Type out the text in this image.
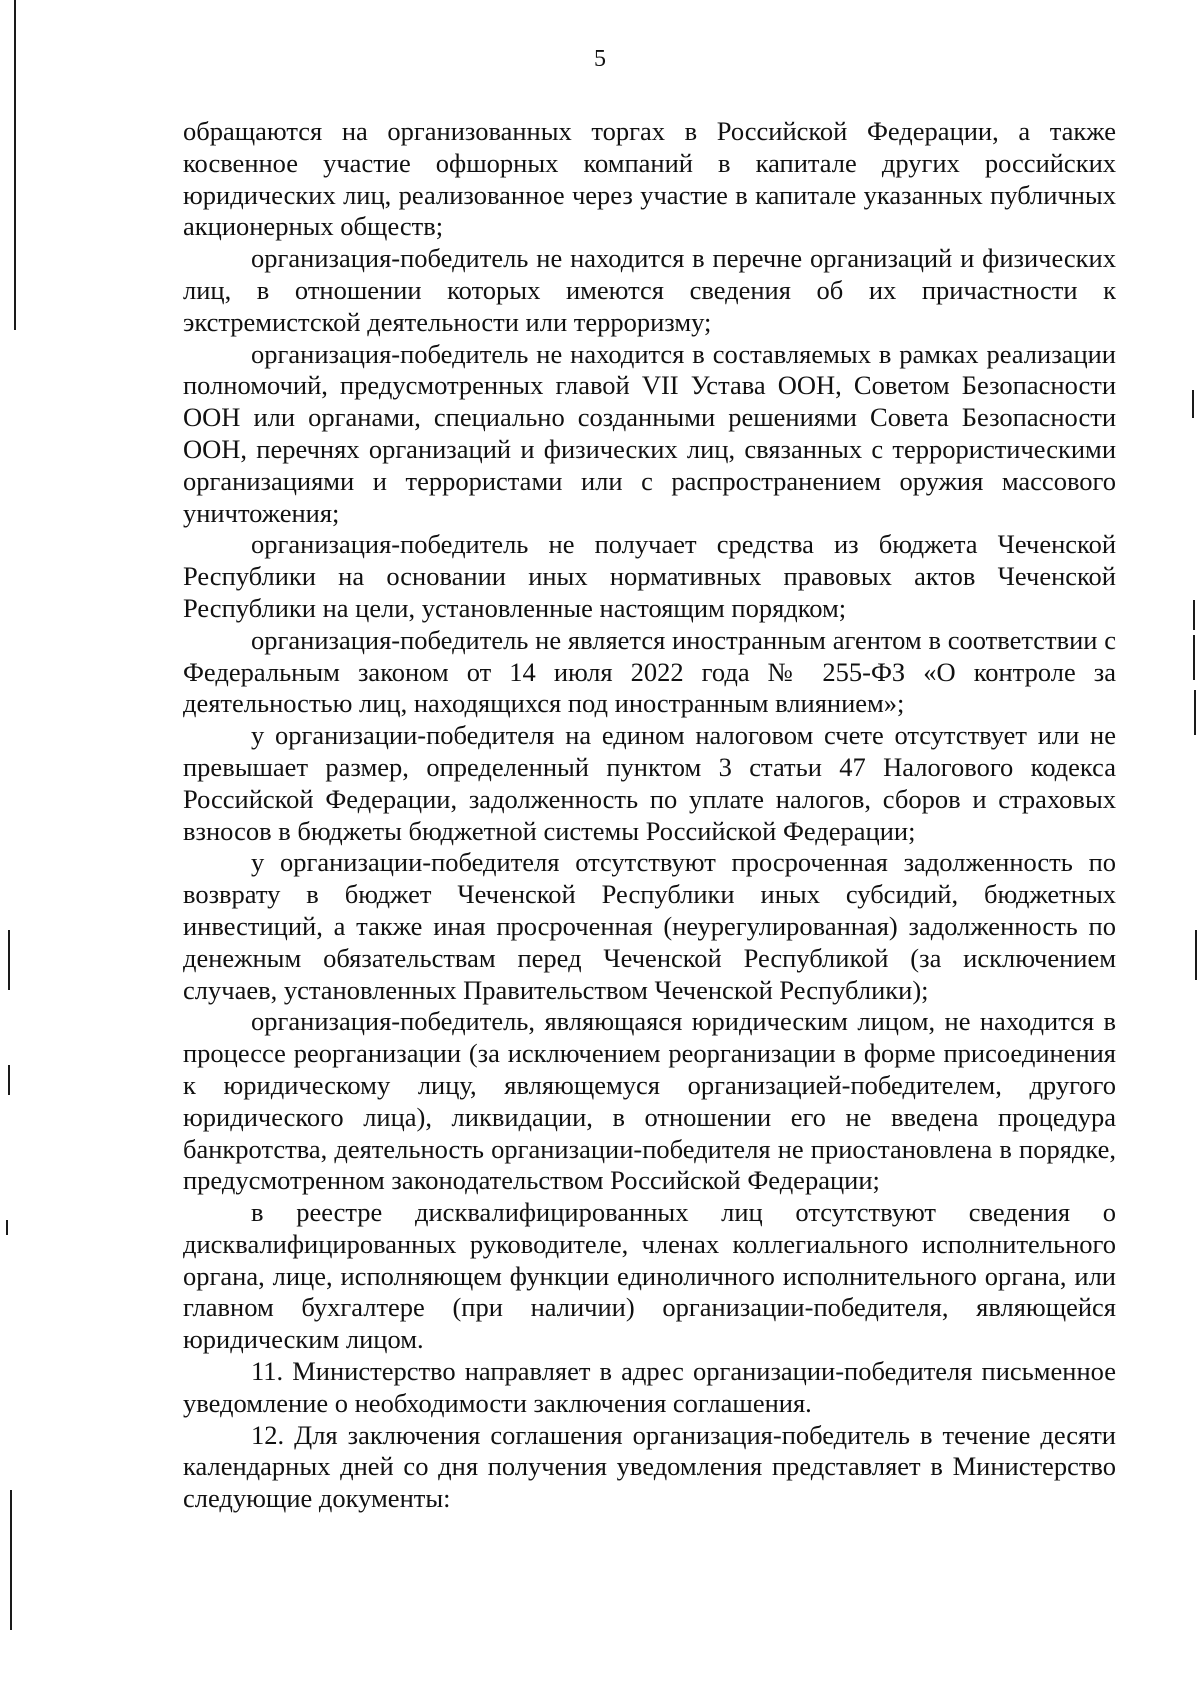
5

обращаются на организованных торгах в Российской Федерации, а также косвенное участие офшорных компаний в капитале других российских юридических лиц, реализованное через участие в капитале указанных публичных акционерных обществ;

организация-победитель не находится в перечне организаций и физических лиц, в отношении которых имеются сведения об их причастности к экстремистской деятельности или терроризму;

организация-победитель не находится в составляемых в рамках реализации полномочий, предусмотренных главой VII Устава ООН, Советом Безопасности ООН или органами, специально созданными решениями Совета Безопасности ООН, перечнях организаций и физических лиц, связанных с террористическими организациями и террористами или с распространением оружия массового уничтожения;

организация-победитель не получает средства из бюджета Чеченской Республики на основании иных нормативных правовых актов Чеченской Республики на цели, установленные настоящим порядком;

организация-победитель не является иностранным агентом в соответствии с Федеральным законом от 14 июля 2022 года № 255-ФЗ «О контроле за деятельностью лиц, находящихся под иностранным влиянием»;

у организации-победителя на едином налоговом счете отсутствует или не превышает размер, определенный пунктом 3 статьи 47 Налогового кодекса Российской Федерации, задолженность по уплате налогов, сборов и страховых взносов в бюджеты бюджетной системы Российской Федерации;

у организации-победителя отсутствуют просроченная задолженность по возврату в бюджет Чеченской Республики иных субсидий, бюджетных инвестиций, а также иная просроченная (неурегулированная) задолженность по денежным обязательствам перед Чеченской Республикой (за исключением случаев, установленных Правительством Чеченской Республики);

организация-победитель, являющаяся юридическим лицом, не находится в процессе реорганизации (за исключением реорганизации в форме присоединения к юридическому лицу, являющемуся организацией-победителем, другого юридического лица), ликвидации, в отношении его не введена процедура банкротства, деятельность организации-победителя не приостановлена в порядке, предусмотренном законодательством Российской Федерации;

в реестре дисквалифицированных лиц отсутствуют сведения о дисквалифицированных руководителе, членах коллегиального исполнительного органа, лице, исполняющем функции единоличного исполнительного органа, или главном бухгалтере (при наличии) организации-победителя, являющейся юридическим лицом.

11. Министерство направляет в адрес организации-победителя письменное уведомление о необходимости заключения соглашения.

12. Для заключения соглашения организация-победитель в течение десяти календарных дней со дня получения уведомления представляет в Министерство следующие документы:
